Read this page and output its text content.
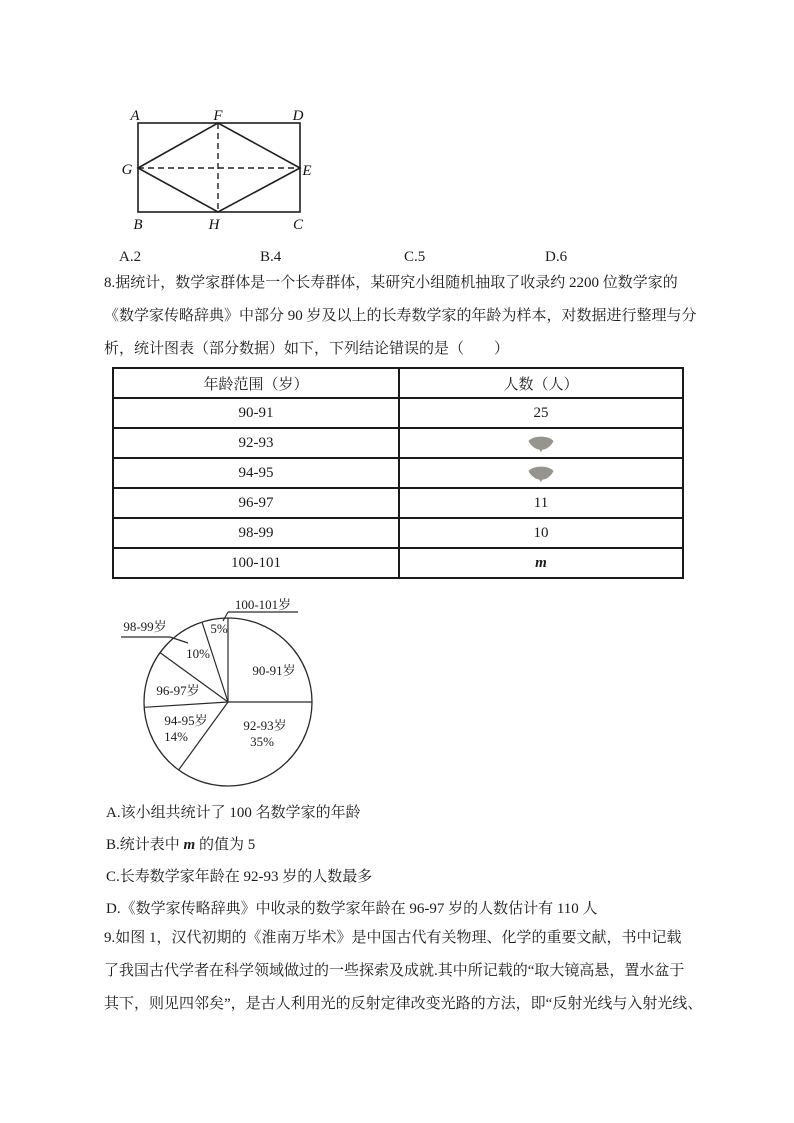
A	F	D
G	E
B	H	C
A.2	B.4	C.5	D.6
8.据统计，数学家群体是一个长寿群体，某研究小组随机抽取了收录约 2200 位数学家的
《数学家传略辞典》中部分 90 岁及以上的长寿数学家的年龄为样本，对数据进行整理与分
析，统计图表（部分数据）如下，下列结论错误的是（　　）
年龄范围（岁）	人数（人）
90-91	25
92-93	
94-95	
96-97	11
98-99	10
100-101	m
100-101岁
5%
98-99岁
10%
90-91岁
96-97岁
94-95岁
14%
92-93岁
35%
A.该小组共统计了 100 名数学家的年龄
B.统计表中 m 的值为 5
C.长寿数学家年龄在 92-93 岁的人数最多
D.《数学家传略辞典》中收录的数学家年龄在 96-97 岁的人数估计有 110 人
9.如图 1，汉代初期的《淮南万毕术》是中国古代有关物理、化学的重要文献，书中记载
了我国古代学者在科学领域做过的一些探索及成就.其中所记载的“取大镜高悬，置水盆于
其下，则见四邻矣”，是古人利用光的反射定律改变光路的方法，即“反射光线与入射光线、
